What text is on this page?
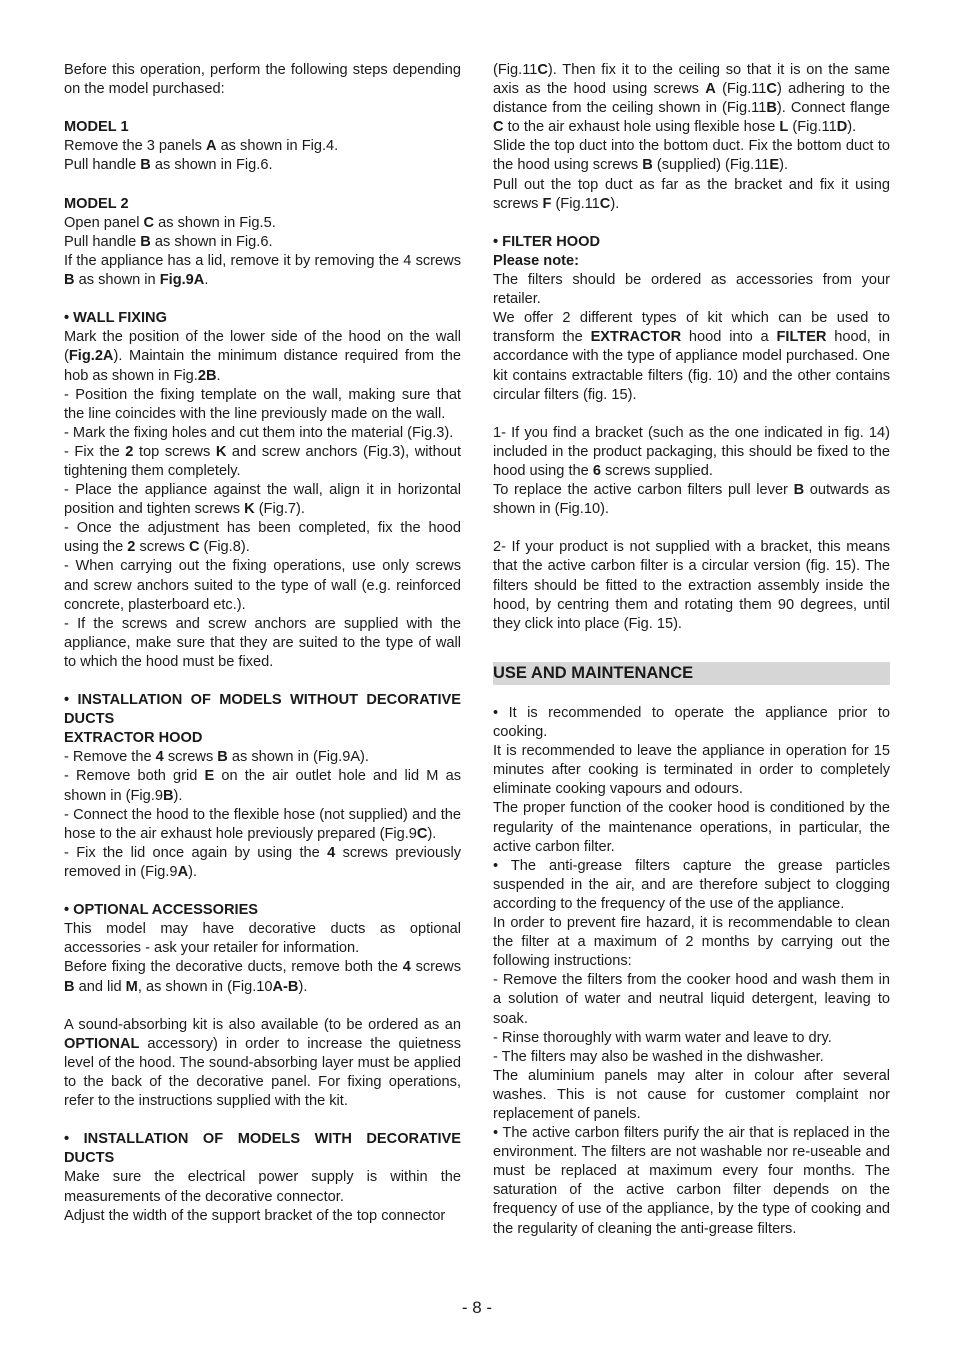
Before this operation, perform the following steps depending on the model purchased:

MODEL 1

Remove the 3 panels A as shown in Fig.4.

Pull handle B as shown in Fig.6.

MODEL 2

Open panel C as shown in Fig.5.

Pull handle B as shown in Fig.6.

If the appliance has a lid, remove it by removing the 4 screws B as shown in Fig.9A.

• WALL FIXING

Mark the position of the lower side of the hood on the wall (Fig.2A). Maintain the minimum distance required from the hob as shown in Fig.2B.

- Position the fixing template on the wall, making sure that the line coincides with the line previously made on the wall.

- Mark the fixing holes and cut them into the material (Fig.3).

- Fix the 2 top screws K and screw anchors (Fig.3), without tightening them completely.

- Place the appliance against the wall, align it in horizontal position and tighten screws K (Fig.7).

- Once the adjustment has been completed, fix the hood using the 2 screws C (Fig.8).

- When carrying out the fixing operations, use only screws and screw anchors suited to the type of wall (e.g. reinforced concrete, plasterboard etc.).

- If the screws and screw anchors are supplied with the appliance, make sure that they are suited to the type of wall to which the hood must be fixed.

• INSTALLATION OF MODELS WITHOUT DECORATIVE DUCTS

EXTRACTOR HOOD

- Remove the 4 screws B as shown in (Fig.9A).

- Remove both grid E on the air outlet hole and lid M as shown in (Fig.9B).

- Connect the hood to the flexible hose (not supplied) and the hose to the air exhaust hole previously prepared (Fig.9C).

- Fix the lid once again by using the 4 screws previously removed in (Fig.9A).

• OPTIONAL ACCESSORIES

This model may have decorative ducts as optional accessories - ask your retailer for information.

Before fixing the decorative ducts, remove both the 4 screws B and lid M, as shown in (Fig.10A-B).

A sound-absorbing kit is also available (to be ordered as an OPTIONAL accessory) in order to increase the quietness level of the hood. The sound-absorbing layer must be applied to the back of the decorative panel. For fixing operations, refer to the instructions supplied with the kit.

• INSTALLATION OF MODELS WITH DECORATIVE DUCTS

Make sure the electrical power supply is within the measurements of the decorative connector.

Adjust the width of the support bracket of the top connector

(Fig.11C). Then fix it to the ceiling so that it is on the same axis as the hood using screws A (Fig.11C) adhering to the distance from the ceiling shown in (Fig.11B). Connect flange C to the air exhaust hole using flexible hose L (Fig.11D).

Slide the top duct into the bottom duct. Fix the bottom duct to the hood using screws B (supplied) (Fig.11E).

Pull out the top duct as far as the bracket and fix it using screws F (Fig.11C).

• FILTER HOOD

Please note:

The filters should be ordered as accessories from your retailer.

We offer 2 different types of kit which can be used to transform the EXTRACTOR hood into a FILTER hood, in accordance with the type of appliance model purchased. One kit contains extractable filters (fig. 10) and the other contains circular filters (fig. 15).

1- If you find a bracket (such as the one indicated in fig. 14) included in the product packaging, this should be fixed to the hood using the 6 screws supplied.

To replace the active carbon filters pull lever B outwards as shown in (Fig.10).

2- If your product is not supplied with a bracket, this means that the active carbon filter is a circular version (fig. 15). The filters should be fitted to the extraction assembly inside the hood, by centring them and rotating them 90 degrees, until they click into place (Fig. 15).

USE AND MAINTENANCE

• It is recommended to operate the appliance prior to cooking.

It is recommended to leave the appliance in operation for 15 minutes after cooking is terminated in order to completely eliminate cooking vapours and odours.

The proper function of the cooker hood is conditioned by the regularity of the maintenance operations, in particular, the active carbon filter.

• The anti-grease filters capture the grease particles suspended in the air, and are therefore subject to clogging according to the frequency of the use of the appliance.

In order to prevent fire hazard, it is recommendable to clean the filter at a maximum of 2 months by carrying out the following instructions:

- Remove the filters from the cooker hood and wash them in a solution of water and neutral liquid detergent, leaving to soak.

- Rinse thoroughly with warm water and leave to dry.

- The filters may also be washed in the dishwasher.

The aluminium panels may alter in colour after several washes. This is not cause for customer complaint nor replacement of panels.

• The active carbon filters purify the air that is replaced in the environment. The filters are not washable nor re-useable and must be replaced at maximum every four months. The saturation of the active carbon filter depends on the frequency of use of the appliance, by the type of cooking and the regularity of cleaning the anti-grease filters.

- 8 -
